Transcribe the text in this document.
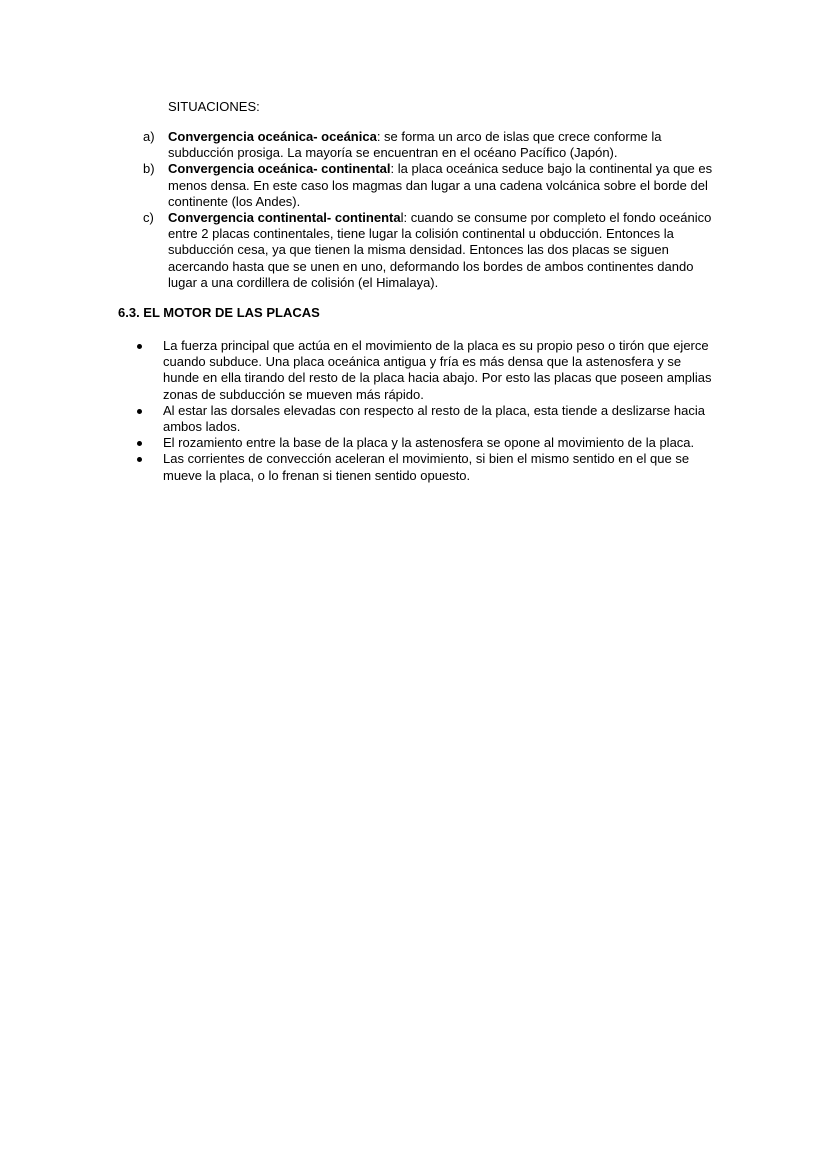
SITUACIONES:

a) Convergencia oceánica- oceánica: se forma un arco de islas que crece conforme la subducción prosiga. La mayoría se encuentran en el océano Pacífico (Japón).
b) Convergencia oceánica- continental: la placa oceánica seduce bajo la continental ya que es menos densa. En este caso los magmas dan lugar a una cadena volcánica sobre el borde del continente (los Andes).
c) Convergencia continental- continental: cuando se consume por completo el fondo oceánico entre 2 placas continentales, tiene lugar la colisión continental u obducción. Entonces la subducción cesa, ya que tienen la misma densidad. Entonces las dos placas se siguen acercando hasta que se unen en uno, deformando los bordes de ambos continentes dando lugar a una cordillera de colisión (el Himalaya).
6.3. EL MOTOR DE LAS PLACAS
La fuerza principal que actúa en el movimiento de la placa es su propio peso o tirón que ejerce cuando subduce. Una placa oceánica antigua y fría es más densa que la astenosfera y se hunde en ella tirando del resto de la placa hacia abajo. Por esto las placas que poseen amplias zonas de subducción se mueven más rápido.
Al estar las dorsales elevadas con respecto al resto de la placa, esta tiende a deslizarse hacia ambos lados.
El rozamiento entre la base de la placa y la astenosfera se opone al movimiento de la placa.
Las corrientes de convección aceleran el movimiento, si bien el mismo sentido en el que se mueve la placa, o lo frenan si tienen sentido opuesto.
